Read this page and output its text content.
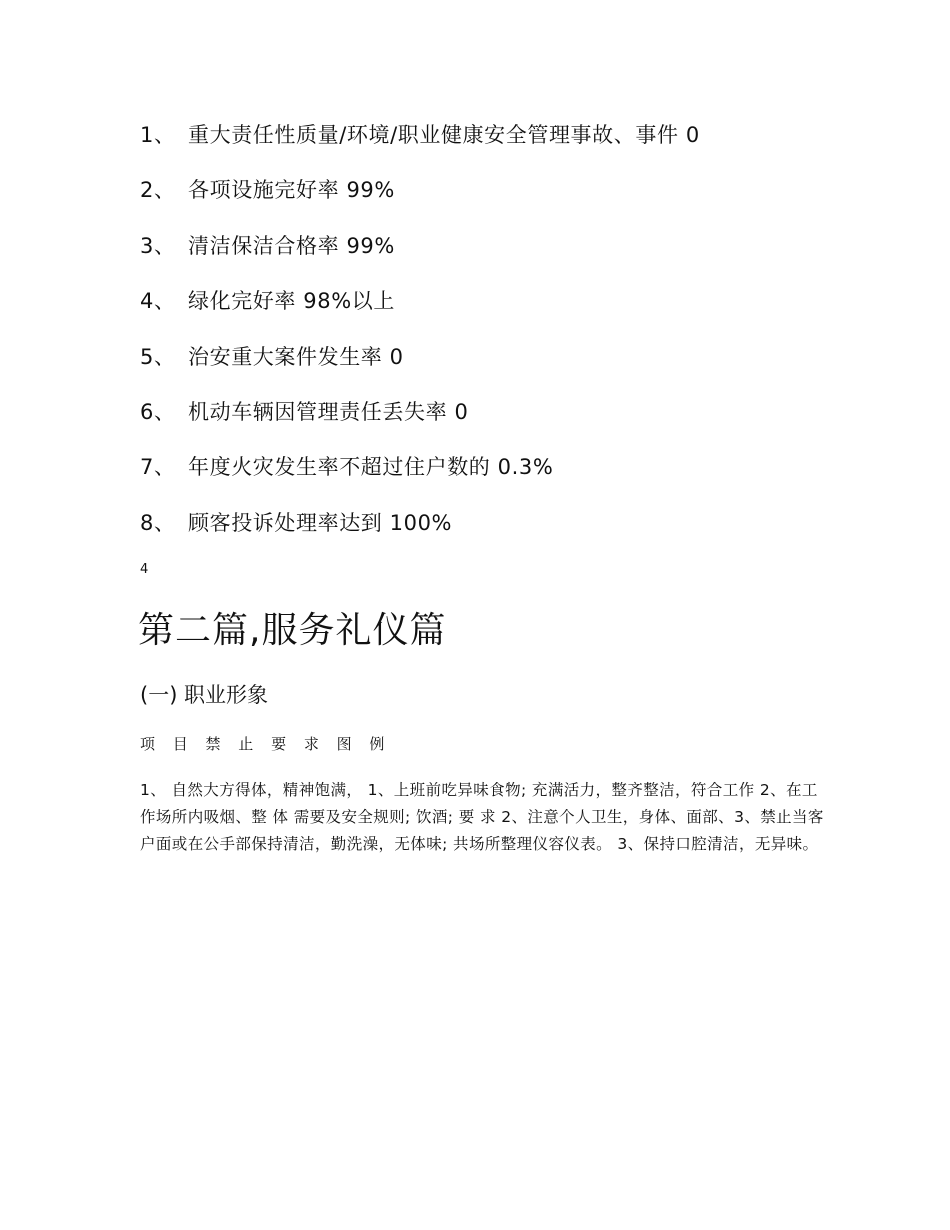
1、 重大责任性质量/环境/职业健康安全管理事故、事件 0
2、 各项设施完好率 99%
3、 清洁保洁合格率 99%
4、 绿化完好率 98%以上
5、 治安重大案件发生率 0
6、 机动车辆因管理责任丢失率 0
7、 年度火灾发生率不超过住户数的 0.3%
8、 顾客投诉处理率达到 100%
4
第二篇,服务礼仪篇
(一) 职业形象
项 目 禁 止 要 求 图 例

1、 自然大方得体，精神饱满， 1、上班前吃异味食物; 充满活力，整齐整洁，符合工作 2、在工作场所内吸烟、整 体 需要及安全规则; 饮酒; 要 求 2、注意个人卫生，身体、面部、3、禁止当客户面或在公手部保持清洁，勤洗澡，无体味; 共场所整理仪容仪表。 3、保持口腔清洁，无异味。
